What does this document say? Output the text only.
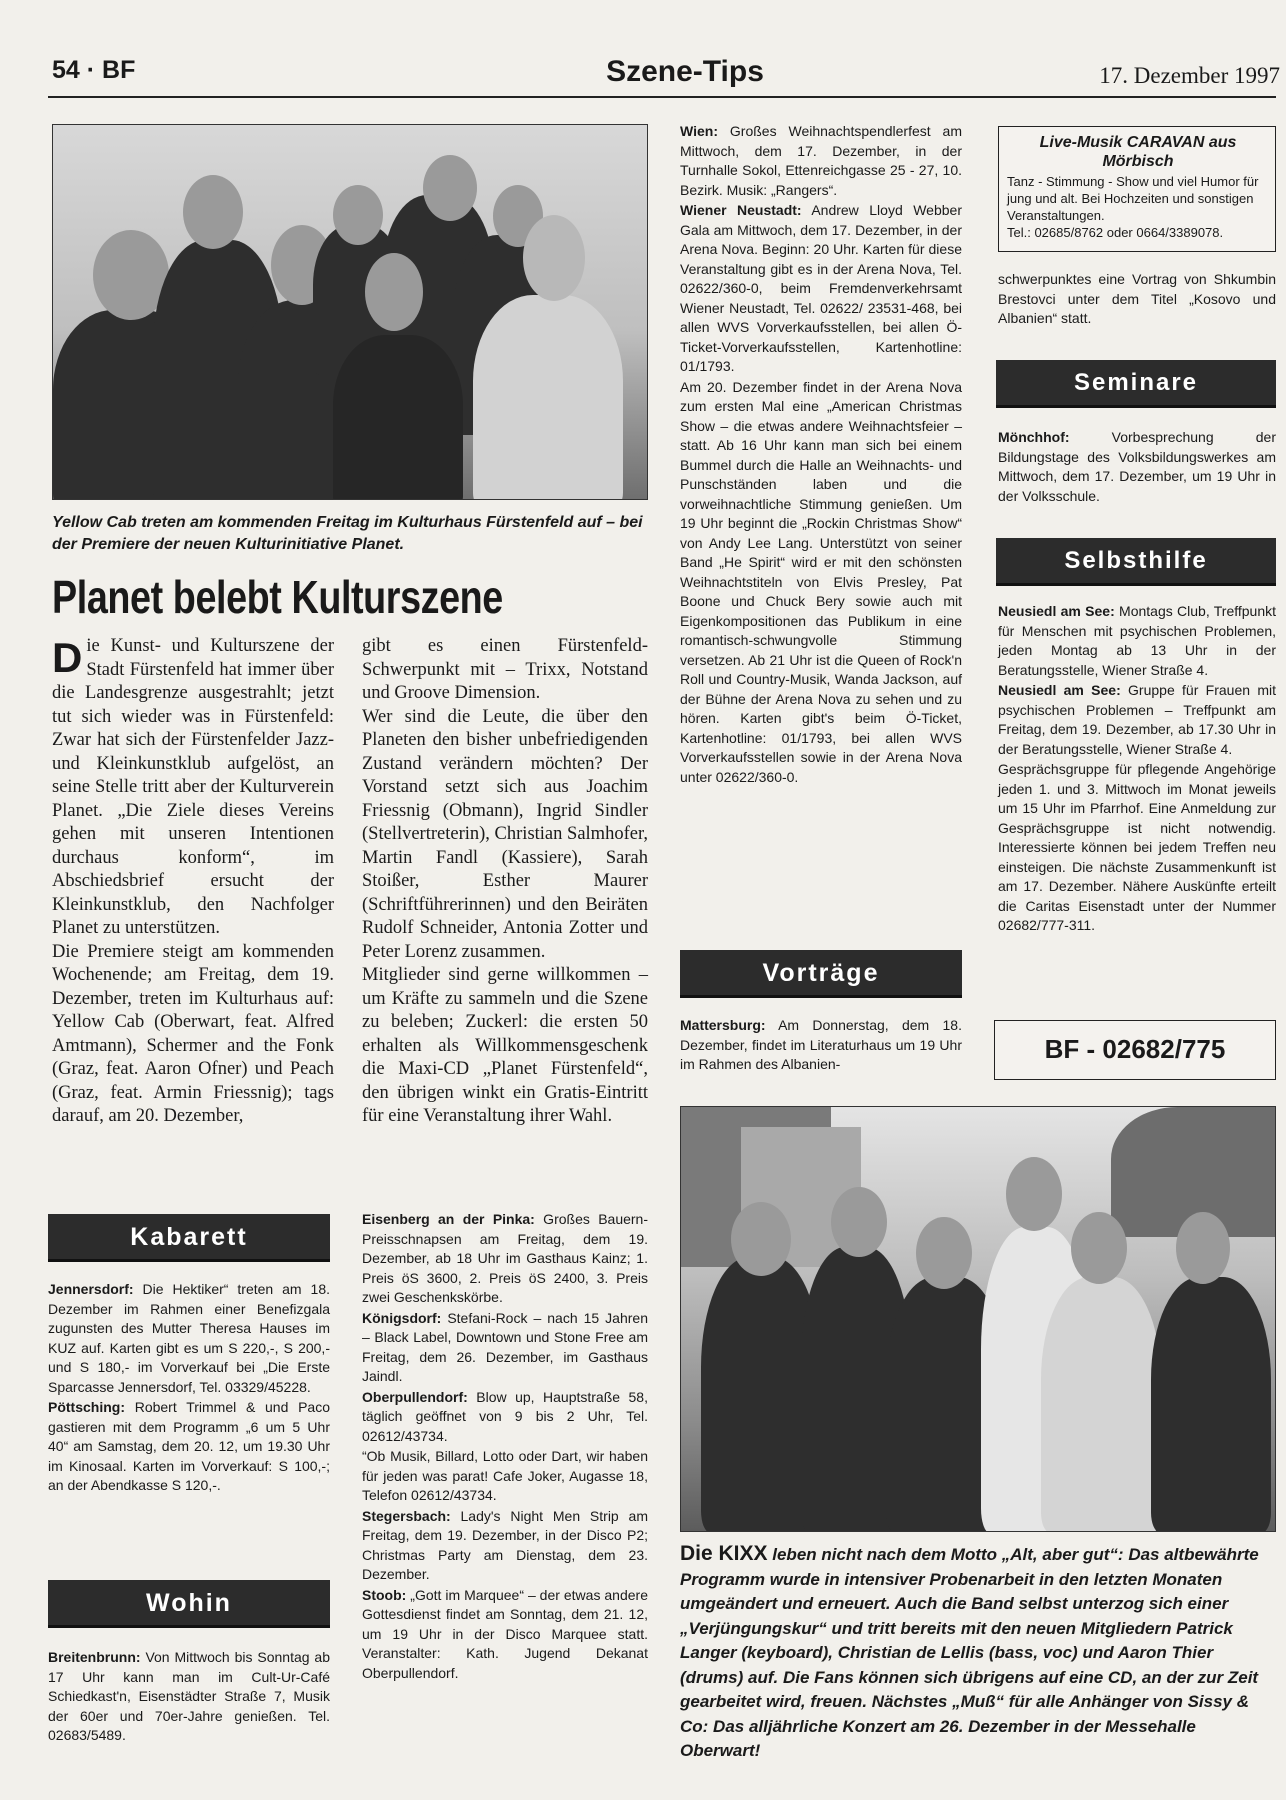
54 · BF	Szene-Tips	17. Dezember 1997
Yellow Cab treten am kommenden Freitag im Kulturhaus Fürstenfeld auf – bei der Premiere der neuen Kulturinitiative Planet.
Planet belebt Kulturszene
D ie Kunst- und Kulturszene der Stadt Fürstenfeld hat immer über die Landesgrenze ausgestrahlt; jetzt tut sich wieder was in Fürstenfeld: Zwar hat sich der Fürstenfelder Jazz- und Kleinkunstklub aufgelöst, an seine Stelle tritt aber der Kulturverein Planet. „Die Ziele dieses Vereins gehen mit unseren Intentionen durchaus konform“, im Abschiedsbrief ersucht der Kleinkunstklub, den Nachfolger Planet zu unterstützen.

Die Premiere steigt am kommenden Wochenende; am Freitag, dem 19. Dezember, treten im Kulturhaus auf: Yellow Cab (Oberwart, feat. Alfred Amtmann), Schermer and the Fonk (Graz, feat. Aaron Ofner) und Peach (Graz, feat. Armin Friessnig); tags darauf, am 20. Dezember,

gibt es einen Fürstenfeld-Schwerpunkt mit – Trixx, Notstand und Groove Dimension.

Wer sind die Leute, die über den Planeten den bisher unbefriedigenden Zustand verändern möchten? Der Vorstand setzt sich aus Joachim Friessnig (Obmann), Ingrid Sindler (Stellvertreterin), Christian Salmhofer, Martin Fandl (Kassiere), Sarah Stoißer, Esther Maurer (Schriftführerinnen) und den Beiräten Rudolf Schneider, Antonia Zotter und Peter Lorenz zusammen.

Mitglieder sind gerne willkommen – um Kräfte zu sammeln und die Szene zu beleben; Zuckerl: die ersten 50 erhalten als Willkommensgeschenk die Maxi-CD „Planet Fürstenfeld“, den übrigen winkt ein Gratis-Eintritt für eine Veranstaltung ihrer Wahl.

Wien: Großes Weihnachtspendlerfest am Mittwoch, dem 17. Dezember, in der Turnhalle Sokol, Ettenreichgasse 25 - 27, 10. Bezirk. Musik: „Rangers“.

Wiener Neustadt: Andrew Lloyd Webber Gala am Mittwoch, dem 17. Dezember, in der Arena Nova. Beginn: 20 Uhr. Karten für diese Veranstaltung gibt es in der Arena Nova, Tel. 02622/360-0, beim Fremdenverkehrsamt Wiener Neustadt, Tel. 02622/ 23531-468, bei allen WVS Vorverkaufsstellen, bei allen Ö-Ticket-Vorverkaufsstellen, Kartenhotline: 01/1793.

Am 20. Dezember findet in der Arena Nova zum ersten Mal eine „American Christmas Show – die etwas andere Weihnachtsfeier – statt. Ab 16 Uhr kann man sich bei einem Bummel durch die Halle an Weihnachts- und Punschständen laben und die vorweihnachtliche Stimmung genießen. Um 19 Uhr beginnt die „Rockin Christmas Show“ von Andy Lee Lang. Unterstützt von seiner Band „He Spirit“ wird er mit den schönsten Weihnachtstiteln von Elvis Presley, Pat Boone und Chuck Bery sowie auch mit Eigenkompositionen das Publikum in eine romantisch-schwungvolle Stimmung versetzen. Ab 21 Uhr ist die Queen of Rock'n Roll und Country-Musik, Wanda Jackson, auf der Bühne der Arena Nova zu sehen und zu hören. Karten gibt's beim Ö-Ticket, Kartenhotline: 01/1793, bei allen WVS Vorverkaufsstellen sowie in der Arena Nova unter 02622/360-0.

Vorträge

Mattersburg: Am Donnerstag, dem 18. Dezember, findet im Literaturhaus um 19 Uhr im Rahmen des Albanien-

Live-Musik CARAVAN aus Mörbisch
Tanz - Stimmung - Show und viel Humor für jung und alt. Bei Hochzeiten und sonstigen Veranstaltungen.
Tel.: 02685/8762 oder 0664/3389078.
schwerpunktes eine Vortrag von Shkumbin Brestovci unter dem Titel „Kosovo und Albanien“ statt.
Seminare

Mönchhof: Vorbesprechung der Bildungstage des Volksbildungswerkes am Mittwoch, dem 17. Dezember, um 19 Uhr in der Volksschule.

Selbsthilfe

Neusiedl am See: Montags Club, Treffpunkt für Menschen mit psychischen Problemen, jeden Montag ab 13 Uhr in der Beratungsstelle, Wiener Straße 4.

Neusiedl am See: Gruppe für Frauen mit psychischen Problemen – Treffpunkt am Freitag, dem 19. Dezember, ab 17.30 Uhr in der Beratungsstelle, Wiener Straße 4.

Gesprächsgruppe für pflegende Angehörige jeden 1. und 3. Mittwoch im Monat jeweils um 15 Uhr im Pfarrhof. Eine Anmeldung zur Gesprächsgruppe ist nicht notwendig. Interessierte können bei jedem Treffen neu einsteigen. Die nächste Zusammenkunft ist am 17. Dezember. Nähere Auskünfte erteilt die Caritas Eisenstadt unter der Nummer 02682/777-311.

BF - 02682/775
Kabarett

Jennersdorf: Die Hektiker“ treten am 18. Dezember im Rahmen einer Benefizgala zugunsten des Mutter Theresa Hauses im KUZ auf. Karten gibt es um S 220,-, S 200,- und S 180,- im Vorverkauf bei „Die Erste Sparcasse Jennersdorf, Tel. 03329/45228.

Pöttsching: Robert Trimmel & und Paco gastieren mit dem Programm „6 um 5 Uhr 40“ am Samstag, dem 20. 12, um 19.30 Uhr im Kinosaal. Karten im Vorverkauf: S 100,-; an der Abendkasse S 120,-.

Wohin

Breitenbrunn: Von Mittwoch bis Sonntag ab 17 Uhr kann man im Cult-Ur-Café Schiedkast'n, Eisenstädter Straße 7, Musik der 60er und 70er-Jahre genießen. Tel. 02683/5489.

Eisenberg an der Pinka: Großes Bauern-Preisschnapsen am Freitag, dem 19. Dezember, ab 18 Uhr im Gasthaus Kainz; 1. Preis öS 3600, 2. Preis öS 2400, 3. Preis zwei Geschenkskörbe.

Königsdorf: Stefani-Rock – nach 15 Jahren – Black Label, Downtown und Stone Free am Freitag, dem 26. Dezember, im Gasthaus Jaindl.

Oberpullendorf: Blow up, Hauptstraße 58, täglich geöffnet von 9 bis 2 Uhr, Tel. 02612/43734.

“Ob Musik, Billard, Lotto oder Dart, wir haben für jeden was parat! Cafe Joker, Augasse 18, Telefon 02612/43734.

Stegersbach: Lady's Night Men Strip am Freitag, dem 19. Dezember, in der Disco P2; Christmas Party am Dienstag, dem 23. Dezember.

Stoob: „Gott im Marquee“ – der etwas andere Gottesdienst findet am Sonntag, dem 21. 12, um 19 Uhr in der Disco Marquee statt. Veranstalter: Kath. Jugend Dekanat Oberpullendorf.

Die KIXX leben nicht nach dem Motto „Alt, aber gut“: Das altbewährte Programm wurde in intensiver Probenarbeit in den letzten Monaten umgeändert und erneuert. Auch die Band selbst unterzog sich einer „Verjüngungskur“ und tritt bereits mit den neuen Mitgliedern Patrick Langer (keyboard), Christian de Lellis (bass, voc) und Aaron Thier (drums) auf. Die Fans können sich übrigens auf eine CD, an der zur Zeit gearbeitet wird, freuen. Nächstes „Muß“ für alle Anhänger von Sissy & Co: Das alljährliche Konzert am 26. Dezember in der Messehalle Oberwart!
